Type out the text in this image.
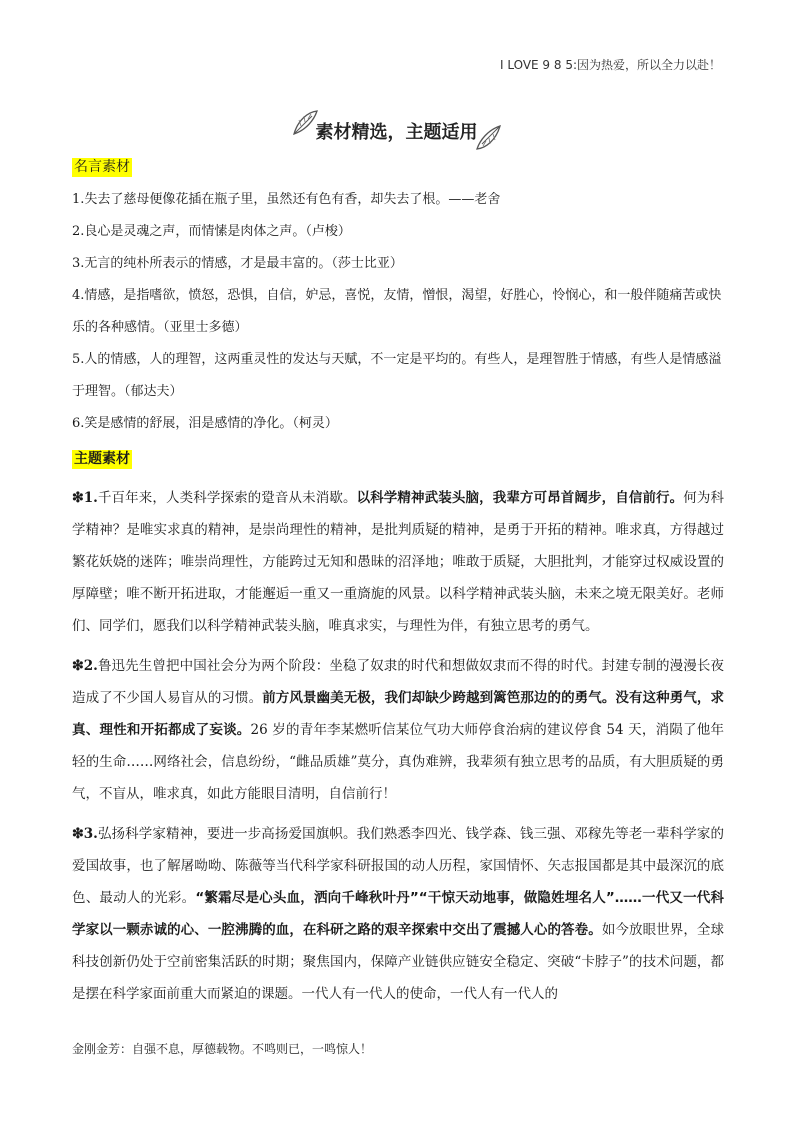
I LOVE 9 8 5:因为热爱，所以全力以赴！
素材精选，主题适用
名言素材

1.失去了慈母便像花插在瓶子里，虽然还有色有香，却失去了根。——老舍

2.良心是灵魂之声，而情愫是肉体之声。（卢梭）

3.无言的纯朴所表示的情感，才是最丰富的。（莎士比亚）

4.情感，是指嗜欲，愤怒，恐惧，自信，妒忌，喜悦，友情，憎恨，渴望，好胜心，怜悯心，和一般伴随痛苦或快乐的各种感情。（亚里士多德）

5.人的情感，人的理智，这两重灵性的发达与天赋，不一定是平均的。有些人，是理智胜于情感，有些人是情感溢于理智。（郁达夫）

6.笑是感情的舒展，泪是感情的净化。（柯灵）

主题素材

❇1.千百年来，人类科学探索的跫音从未消歇。以科学精神武装头脑，我辈方可昂首阔步，自信前行。何为科学精神？是唯实求真的精神，是崇尚理性的精神，是批判质疑的精神，是勇于开拓的精神。唯求真，方得越过繁花妖娆的迷阵；唯崇尚理性，方能跨过无知和愚昧的沼泽地；唯敢于质疑，大胆批判，才能穿过权威设置的厚障壁；唯不断开拓进取，才能邂逅一重又一重旖旎的风景。以科学精神武装头脑，未来之境无限美好。老师们、同学们，愿我们以科学精神武装头脑，唯真求实，与理性为伴，有独立思考的勇气。

❇2.鲁迅先生曾把中国社会分为两个阶段：坐稳了奴隶的时代和想做奴隶而不得的时代。封建专制的漫漫长夜造成了不少国人易盲从的习惯。前方风景幽美无极，我们却缺少跨越到篱笆那边的的勇气。没有这种勇气，求真、理性和开拓都成了妄谈。26 岁的青年李某燃听信某位气功大师停食治病的建议停食 54 天，消陨了他年轻的生命……网络社会，信息纷纷，“雌品质雄”莫分，真伪难辨，我辈须有独立思考的品质，有大胆质疑的勇气，不盲从，唯求真，如此方能眼目清明，自信前行！

❇3.弘扬科学家精神，要进一步高扬爱国旗帜。我们熟悉李四光、钱学森、钱三强、邓稼先等老一辈科学家的爱国故事，也了解屠呦呦、陈薇等当代科学家科研报国的动人历程，家国情怀、矢志报国都是其中最深沉的底色、最动人的光彩。“繁霜尽是心头血，洒向千峰秋叶丹”“干惊天动地事，做隐姓埋名人”……一代又一代科学家以一颗赤诚的心、一腔沸腾的血，在科研之路的艰辛探索中交出了震撼人心的答卷。如今放眼世界，全球科技创新仍处于空前密集活跃的时期；聚焦国内，保障产业链供应链安全稳定、突破“卡脖子”的技术问题，都是摆在科学家面前重大而紧迫的课题。一代人有一代人的使命，一代人有一代人的

金刚金芳：自强不息，厚德载物。不鸣则已，一鸣惊人！
